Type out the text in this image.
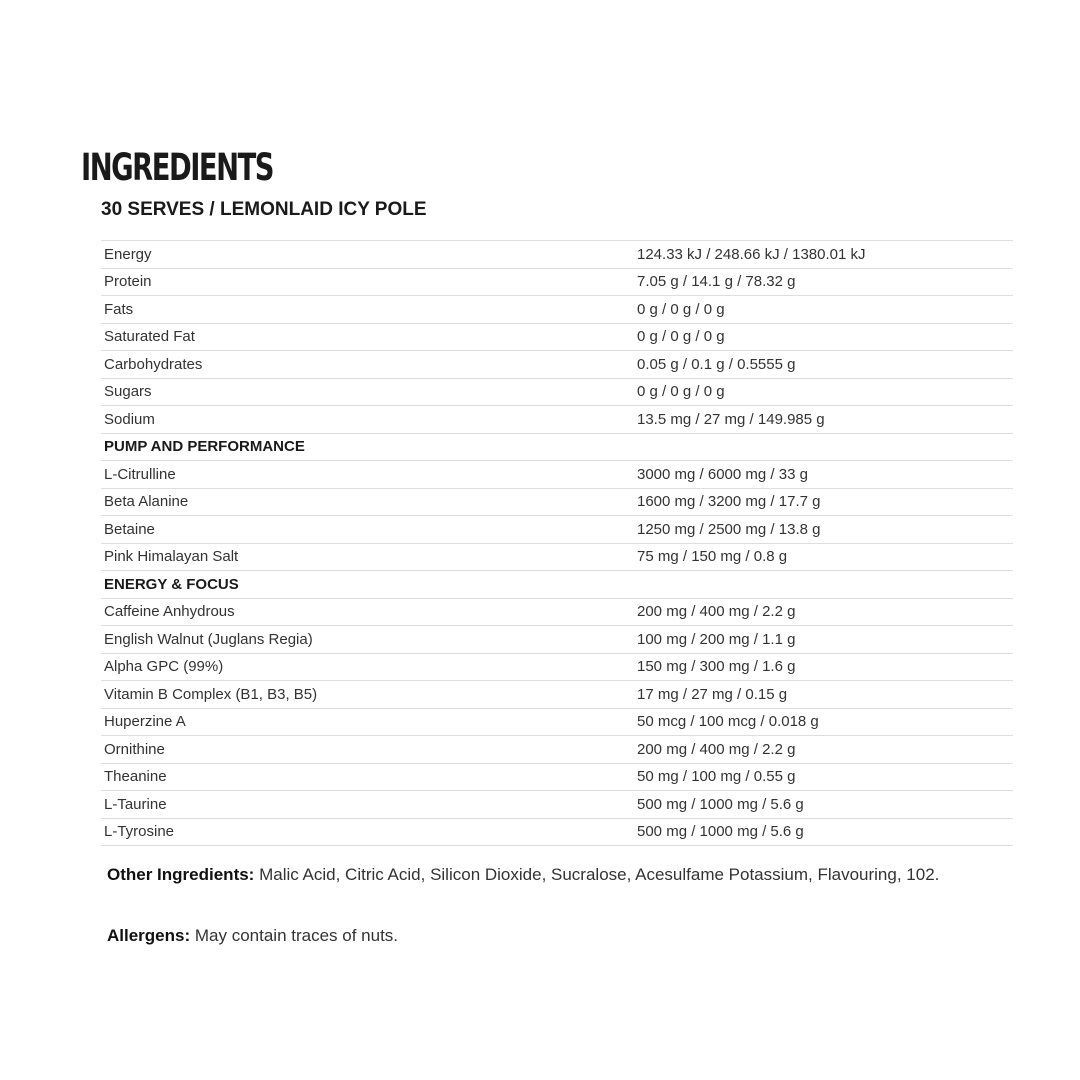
INGREDIENTS
30 SERVES / LEMONLAID ICY POLE
Energy	124.33 kJ / 248.66 kJ / 1380.01 kJ
Protein	7.05 g / 14.1 g / 78.32 g
Fats	0 g / 0 g / 0 g
Saturated Fat	0 g / 0 g / 0 g
Carbohydrates	0.05 g / 0.1 g / 0.5555 g
Sugars	0 g / 0 g / 0 g
Sodium	13.5 mg / 27 mg / 149.985 g
PUMP AND PERFORMANCE	
L-Citrulline	3000 mg / 6000 mg / 33 g
Beta Alanine	1600 mg / 3200 mg / 17.7 g
Betaine	1250 mg / 2500 mg / 13.8 g
Pink Himalayan Salt	75 mg / 150 mg / 0.8 g
ENERGY & FOCUS	
Caffeine Anhydrous	200 mg / 400 mg / 2.2 g
English Walnut (Juglans Regia)	100 mg / 200 mg / 1.1 g
Alpha GPC (99%)	150 mg / 300 mg / 1.6 g
Vitamin B Complex (B1, B3, B5)	17 mg / 27 mg / 0.15 g
Huperzine A	50 mcg / 100 mcg / 0.018 g
Ornithine	200 mg / 400 mg / 2.2 g
Theanine	50 mg / 100 mg / 0.55 g
L-Taurine	500 mg / 1000 mg / 5.6 g
L-Tyrosine	500 mg / 1000 mg / 5.6 g

Other Ingredients: Malic Acid, Citric Acid, Silicon Dioxide, Sucralose, Acesulfame Potassium, Flavouring, 102.

Allergens: May contain traces of nuts.
